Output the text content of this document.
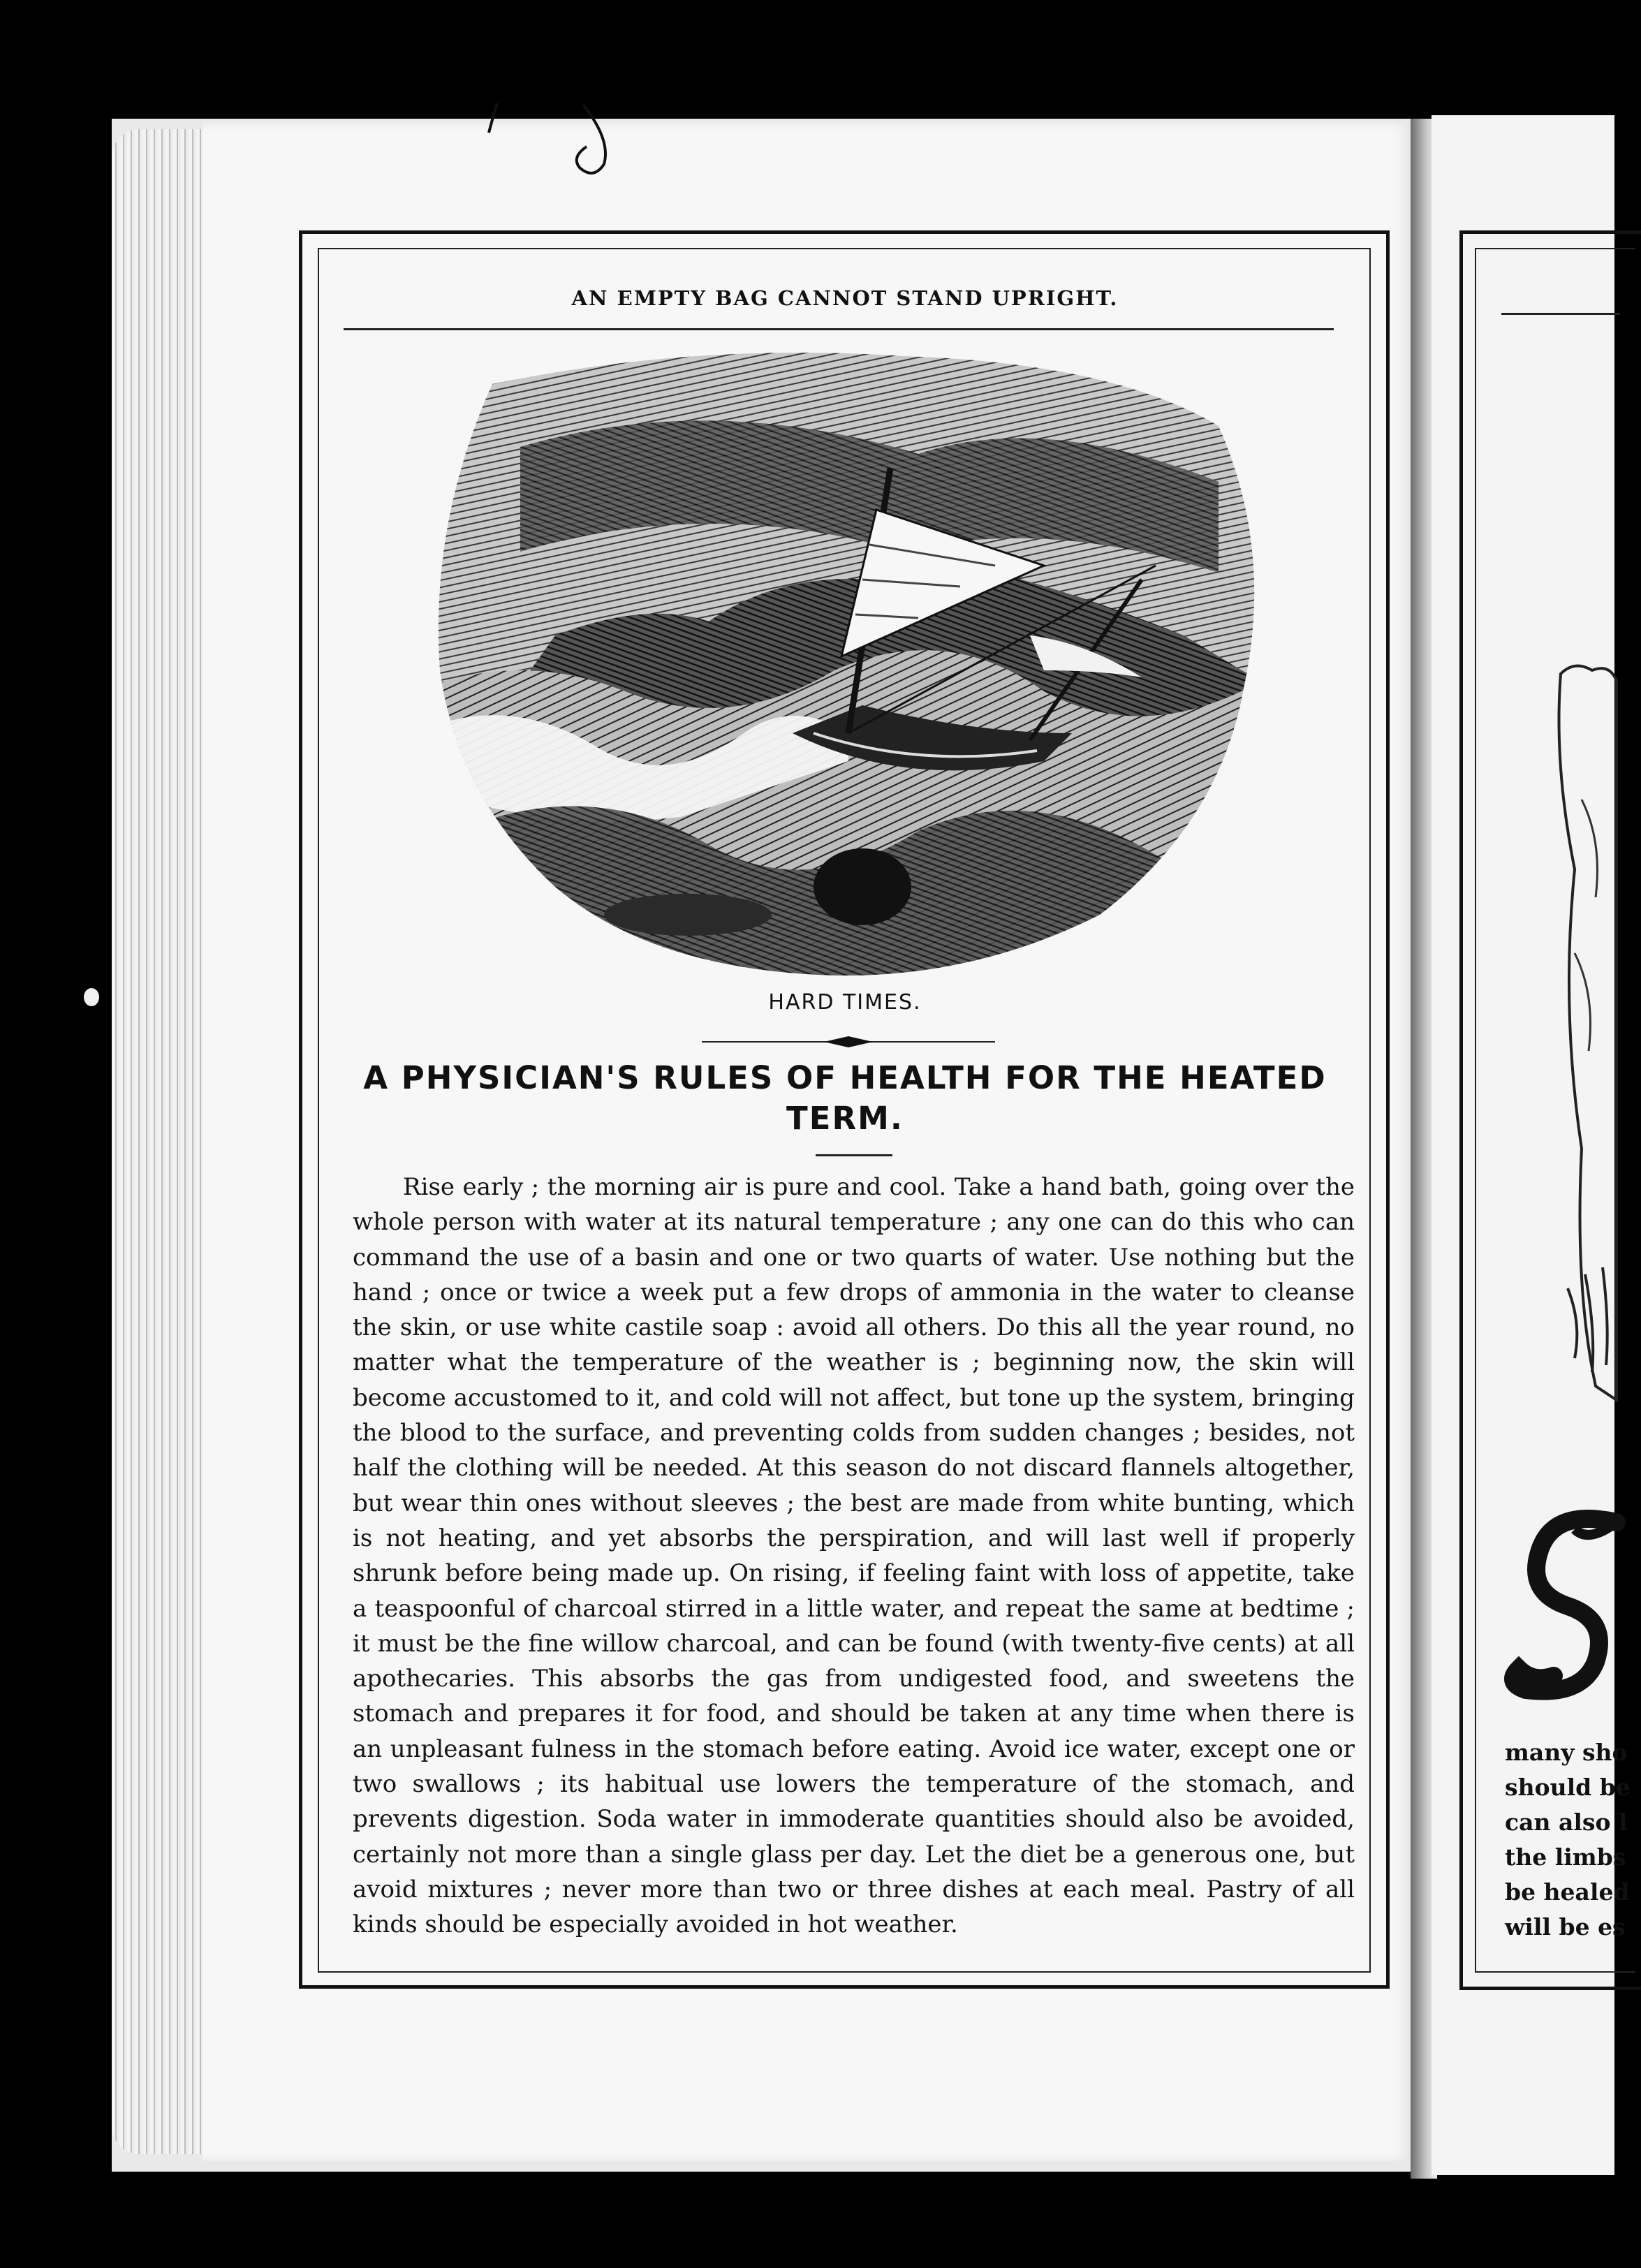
AN EMPTY BAG CANNOT STAND UPRIGHT.
HARD TIMES.
A PHYSICIAN'S RULES OF HEALTH FOR THE HEATED TERM.

Rise early ; the morning air is pure and cool. Take a hand bath, going over the whole person with water at its natural temperature ; any one can do this who can command the use of a basin and one or two quarts of water. Use nothing but the hand ; once or twice a week put a few drops of ammonia in the water to cleanse the skin, or use white castile soap : avoid all others. Do this all the year round, no matter what the temperature of the weather is ; beginning now, the skin will become accustomed to it, and cold will not affect, but tone up the system, bringing the blood to the surface, and preventing colds from sudden changes ; besides, not half the clothing will be needed. At this season do not discard flannels altogether, but wear thin ones without sleeves ; the best are made from white bunting, which is not heating, and yet absorbs the perspiration, and will last well if properly shrunk before being made up. On rising, if feeling faint with loss of appetite, take a teaspoonful of charcoal stirred in a little water, and repeat the same at bedtime ; it must be the fine willow charcoal, and can be found (with twenty-five cents) at all apothecaries. This absorbs the gas from undigested food, and sweetens the stomach and prepares it for food, and should be taken at any time when there is an unpleasant fulness in the stomach before eating. Avoid ice water, except one or two swallows ; its habitual use lowers the temperature of the stomach, and prevents digestion. Soda water in immoderate quantities should also be avoided, certainly not more than a single glass per day. Let the diet be a generous one, but avoid mixtures ; never more than two or three dishes at each meal. Pastry of all kinds should be especially avoided in hot weather.

many sho
should be
can also l
the limbs
be healed
will be es
